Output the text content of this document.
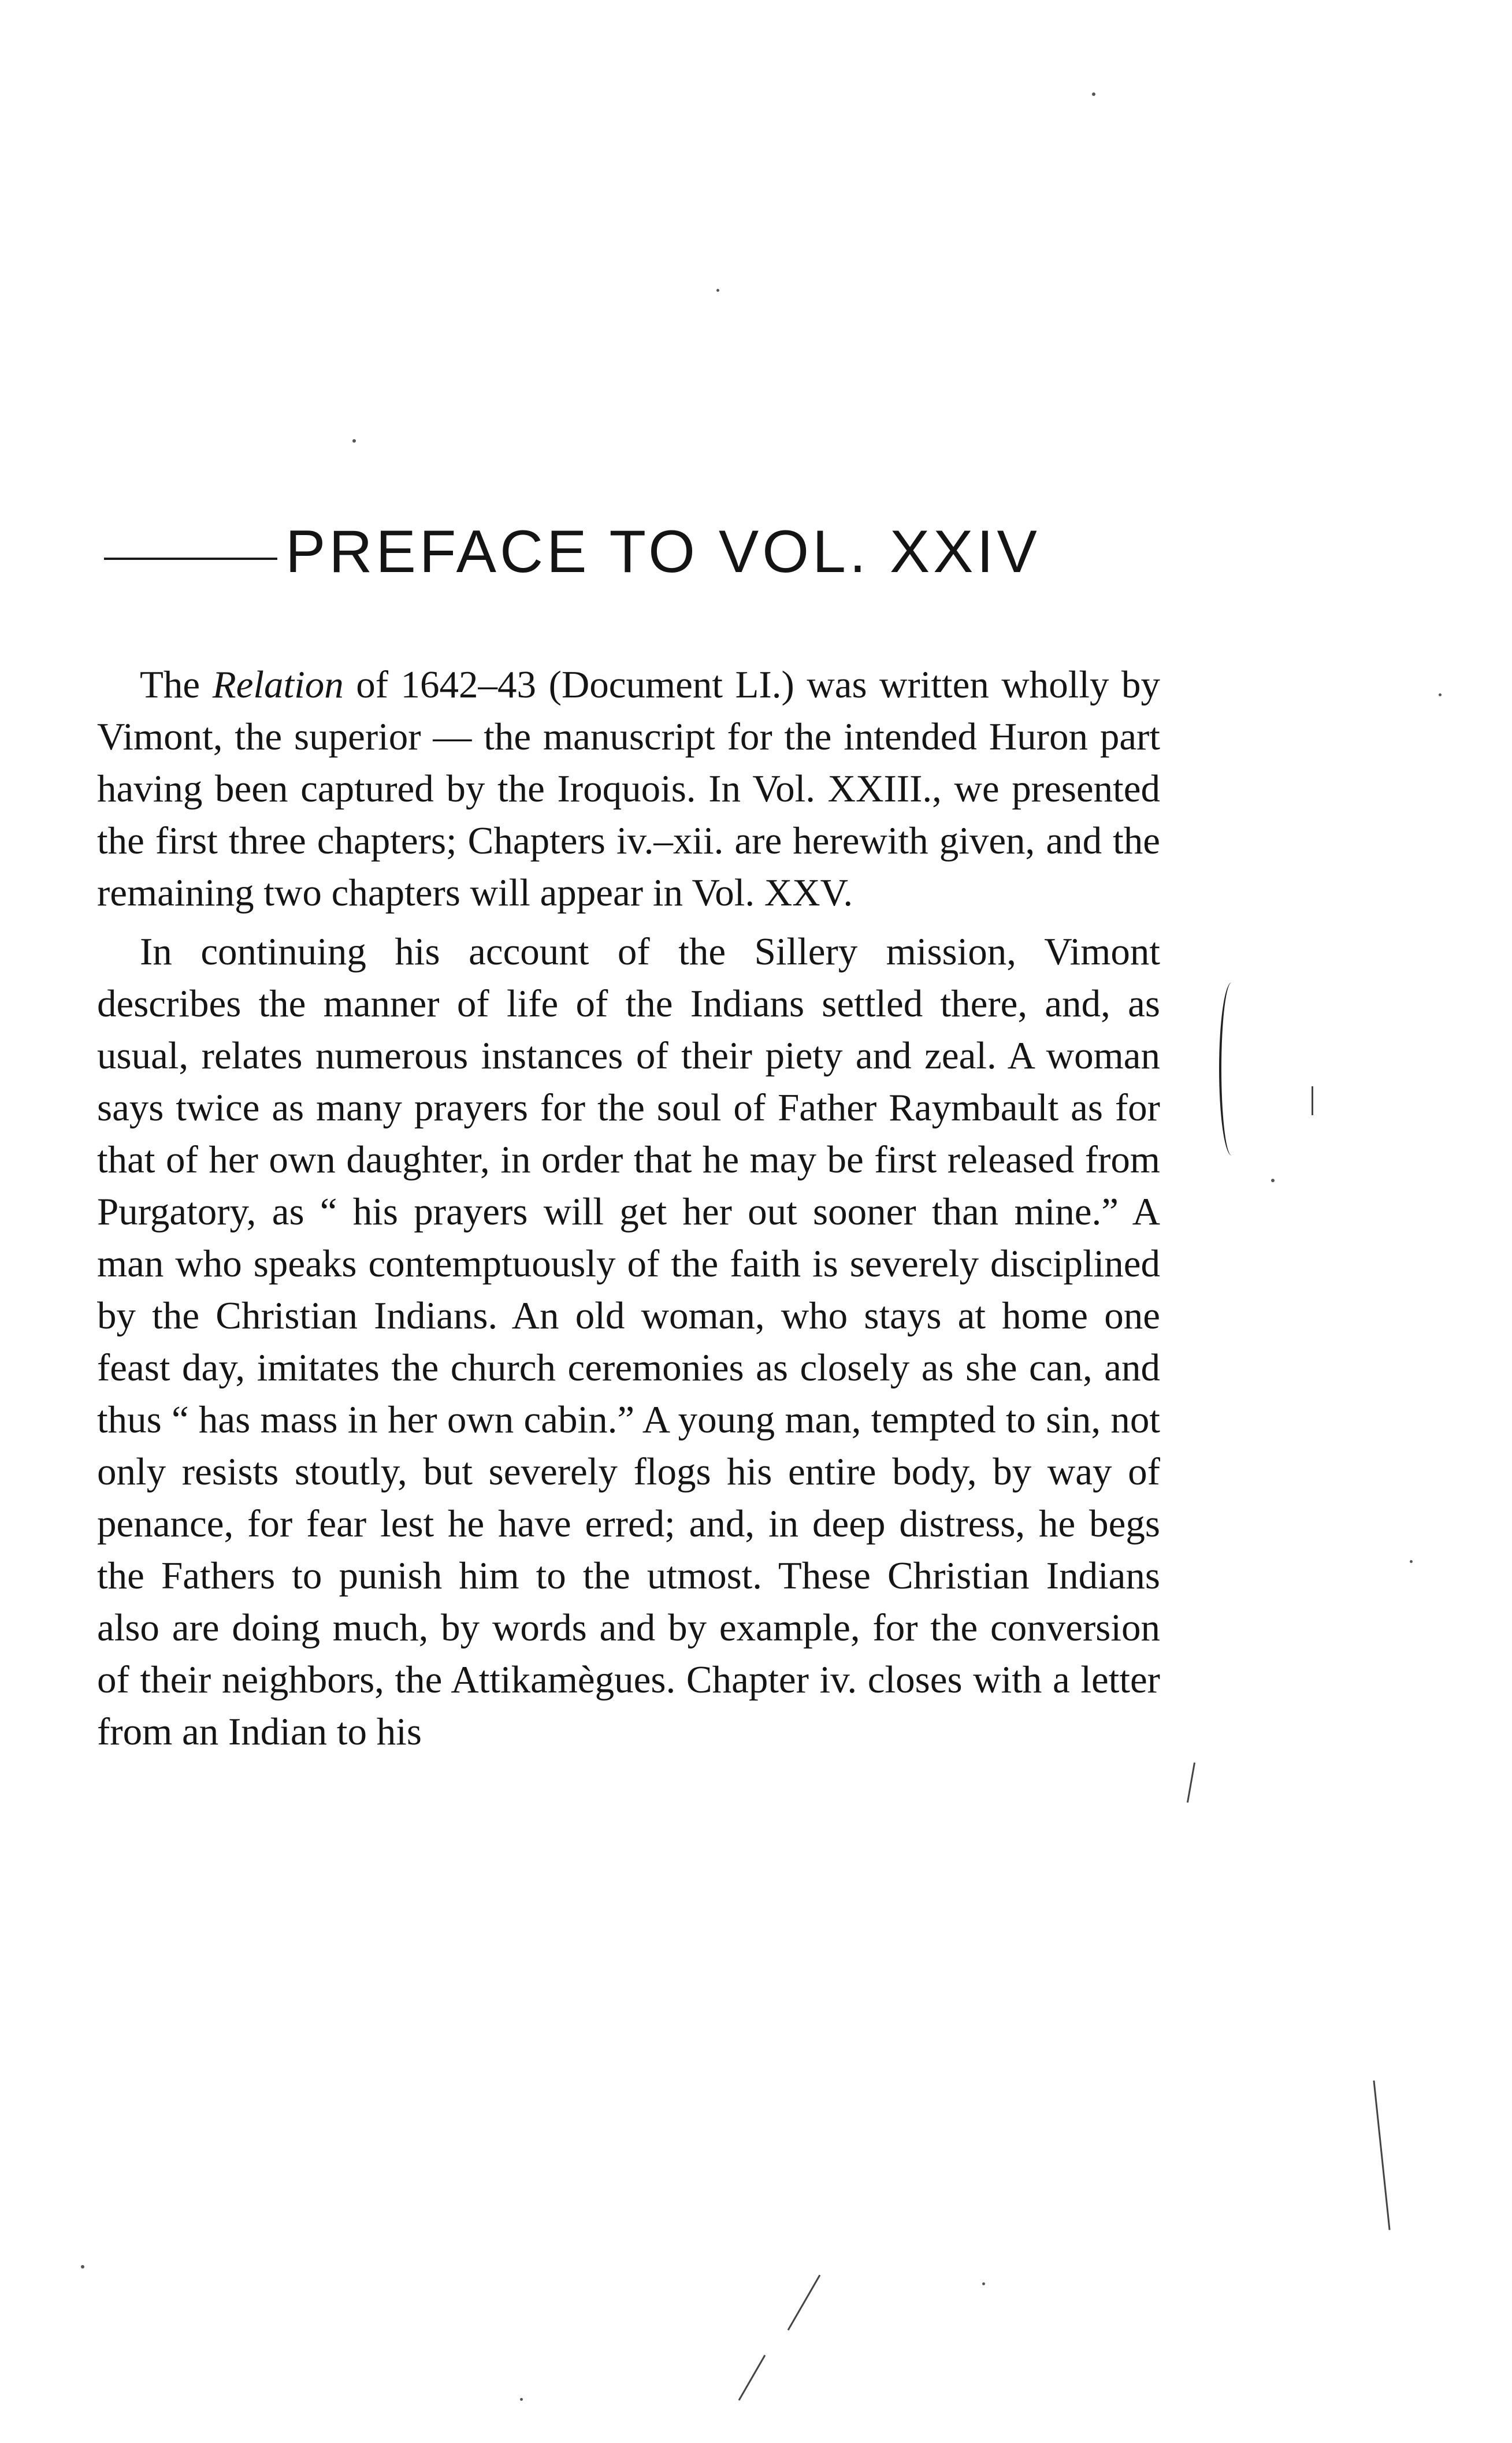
PREFACE TO VOL. XXIV

The Relation of 1642–43 (Document LI.) was written wholly by Vimont, the superior — the manuscript for the intended Huron part having been captured by the Iroquois. In Vol. XXIII., we presented the first three chapters; Chapters iv.–xii. are herewith given, and the remaining two chapters will appear in Vol. XXV.

In continuing his account of the Sillery mission, Vimont describes the manner of life of the Indians settled there, and, as usual, relates numerous instances of their piety and zeal. A woman says twice as many prayers for the soul of Father Raymbault as for that of her own daughter, in order that he may be first released from Purgatory, as “ his prayers will get her out sooner than mine.” A man who speaks contemptuously of the faith is severely disciplined by the Christian Indians. An old woman, who stays at home one feast day, imitates the church ceremonies as closely as she can, and thus “ has mass in her own cabin.” A young man, tempted to sin, not only resists stoutly, but severely flogs his entire body, by way of penance, for fear lest he have erred; and, in deep distress, he begs the Fathers to punish him to the utmost. These Christian Indians also are doing much, by words and by example, for the conversion of their neighbors, the Attikamègues. Chapter iv. closes with a letter from an Indian to his
